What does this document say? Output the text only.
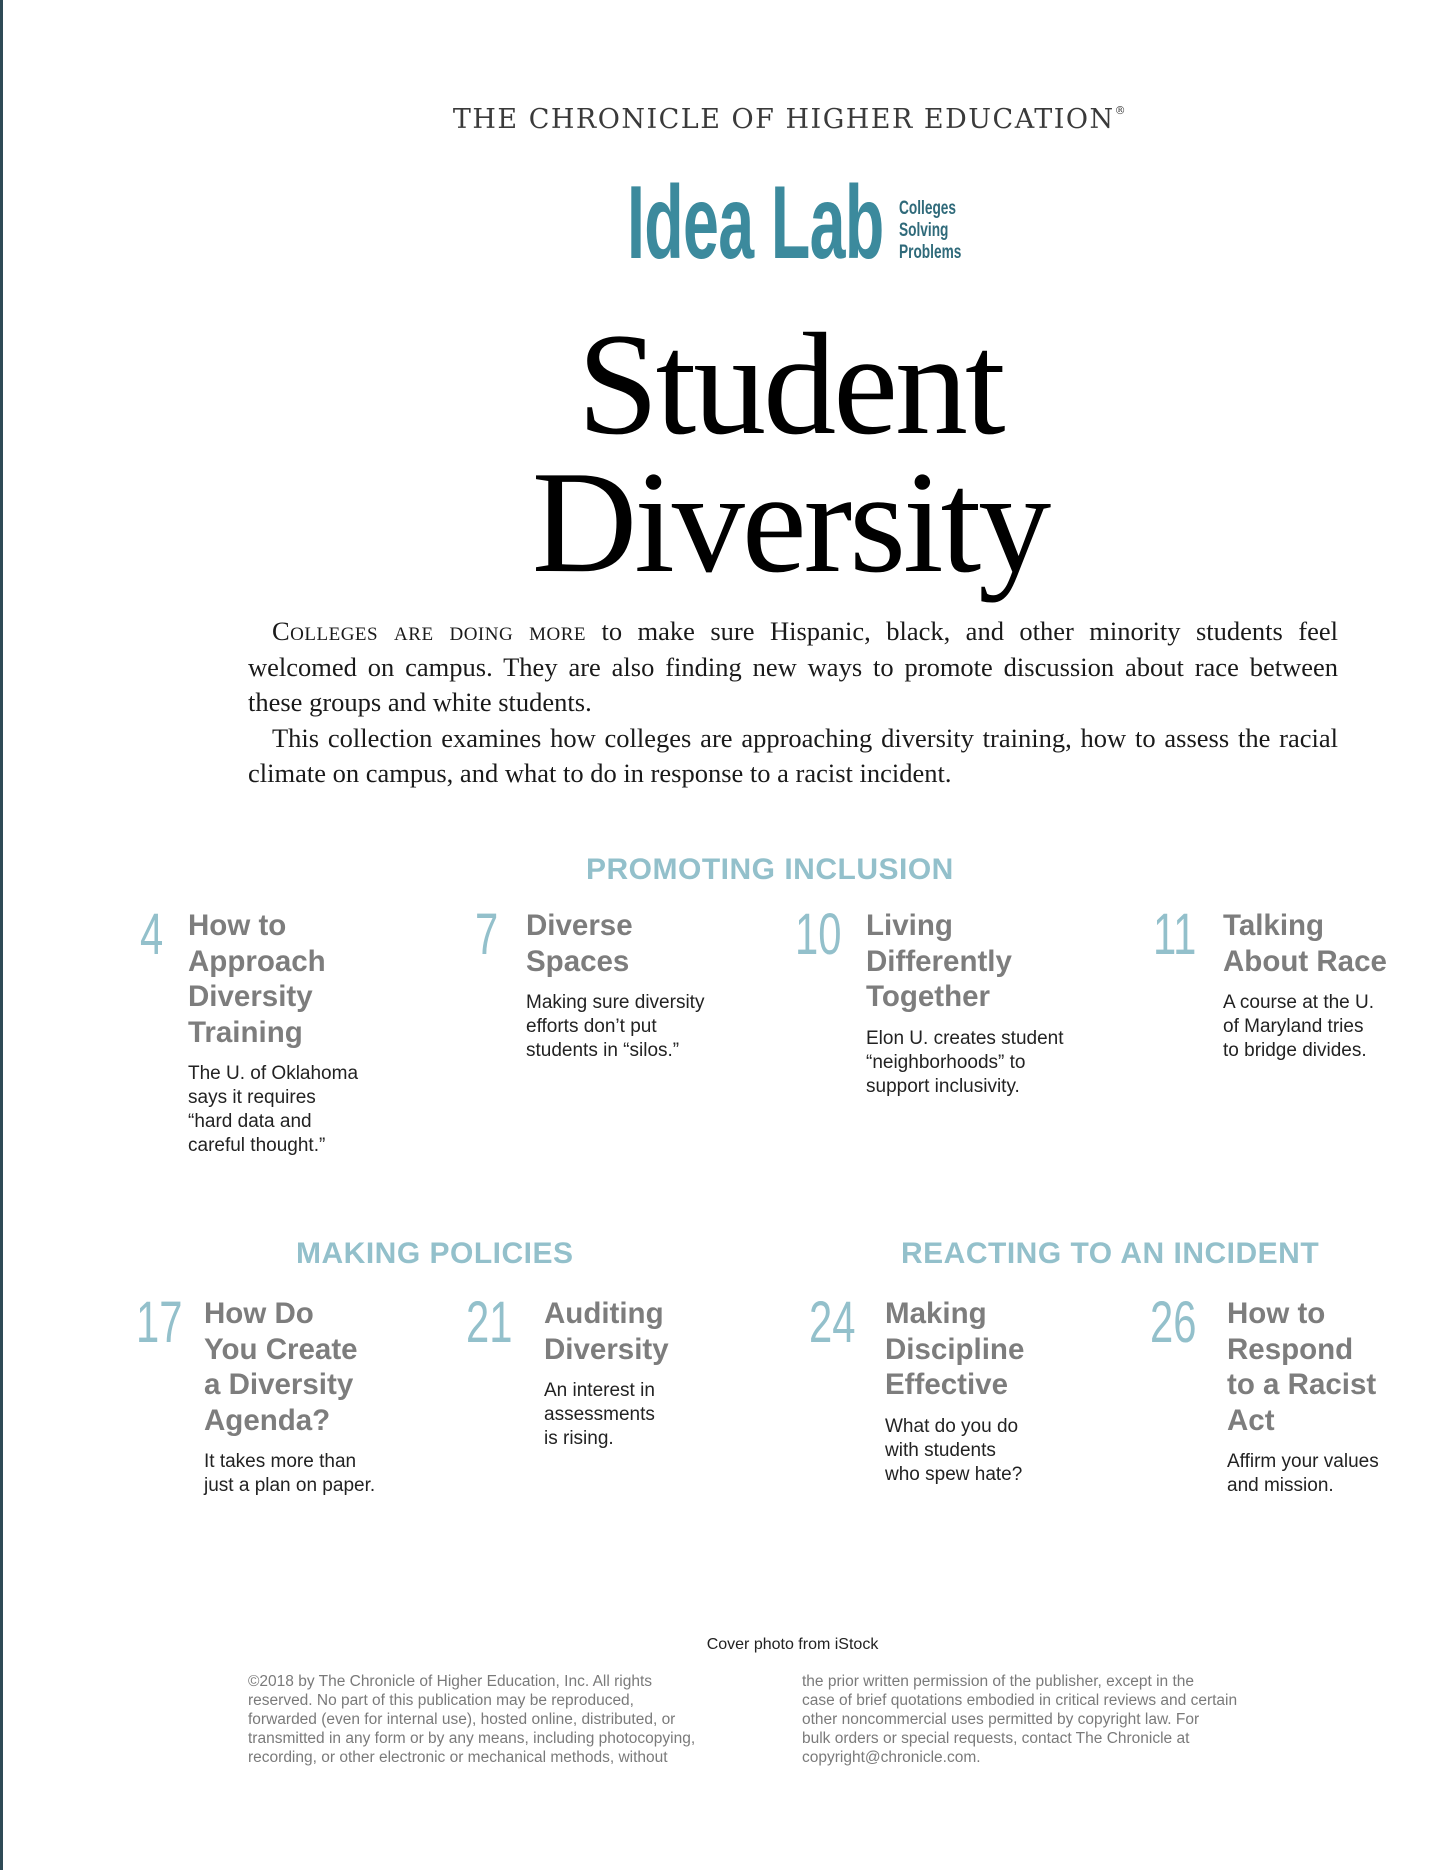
THE CHRONICLE OF HIGHER EDUCATION®
Idea Lab Colleges
Solving
Problems
Student
Diversity

Colleges are doing more to make sure Hispanic, black, and other minority students feel welcomed on campus. They are also finding new ways to promote discussion about race between these groups and white students.

This collection examines how colleges are approaching diversity training, how to assess the racial climate on campus, and what to do in response to a racist incident.

PROMOTING INCLUSION
MAKING POLICIES	REACTING TO AN INCIDENT
4 How to
Approach
Diversity
Training
The U. of Oklahoma
says it requires
“hard data and
careful thought.”
7 Diverse
Spaces
Making sure diversity
efforts don’t put
students in “silos.”
10 Living
Differently
Together
Elon U. creates student
“neighborhoods” to
support inclusivity.
11 Talking
About Race
A course at the U.
of Maryland tries
to bridge divides.
17 How Do
You Create
a Diversity
Agenda?
It takes more than
just a plan on paper.
21 Auditing
Diversity
An interest in
assessments
is rising.
24 Making
Discipline
Effective
What do you do
with students
who spew hate?
26 How to
Respond
to a Racist
Act
Affirm your values
and mission.
Cover photo from iStock
©2018 by The Chronicle of Higher Education, Inc. All rights
reserved. No part of this publication may be reproduced,
forwarded (even for internal use), hosted online, distributed, or
transmitted in any form or by any means, including photocopying,
recording, or other electronic or mechanical methods, without
the prior written permission of the publisher, except in the
case of brief quotations embodied in critical reviews and certain
other noncommercial uses permitted by copyright law. For
bulk orders or special requests, contact The Chronicle at
copyright@chronicle.com.
